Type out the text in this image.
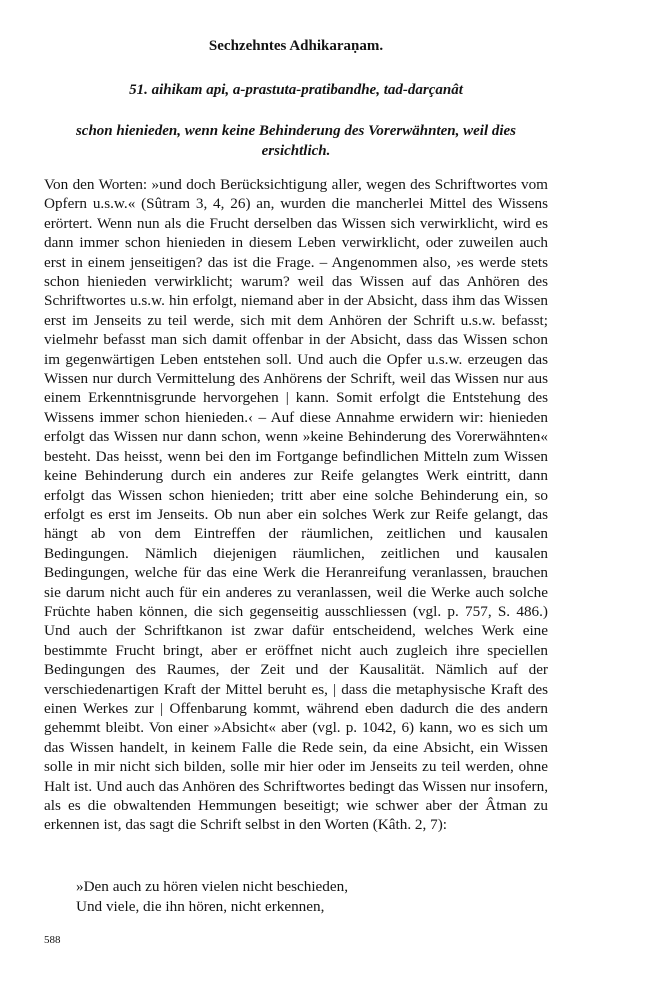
Sechzehntes Adhikaraṇam.
51. aihikam api, a-prastuta-pratibandhe, tad-darçanât
schon hienieden, wenn keine Behinderung des Vorerwähnten, weil dies ersichtlich.

Von den Worten: »und doch Berücksichtigung aller, wegen des Schriftwortes vom Opfern u.s.w.« (Sûtram 3, 4, 26) an, wurden die mancherlei Mittel des Wissens erörtert. Wenn nun als die Frucht derselben das Wissen sich verwirklicht, wird es dann immer schon hienieden in diesem Leben verwirklicht, oder zuweilen auch erst in einem jenseitigen? das ist die Frage. – Angenommen also, ›es werde stets schon hienieden verwirklicht; warum? weil das Wissen auf das Anhören des Schriftwortes u.s.w. hin erfolgt, niemand aber in der Absicht, dass ihm das Wissen erst im Jenseits zu teil werde, sich mit dem Anhören der Schrift u.s.w. befasst; vielmehr befasst man sich damit offenbar in der Absicht, dass das Wissen schon im gegenwärtigen Leben entstehen soll. Und auch die Opfer u.s.w. erzeugen das Wissen nur durch Vermittelung des Anhörens der Schrift, weil das Wissen nur aus einem Erkenntnisgrunde hervorgehen | kann. Somit erfolgt die Entstehung des Wissens immer schon hienieden.‹ – Auf diese Annahme erwidern wir: hienieden erfolgt das Wissen nur dann schon, wenn »keine Behinderung des Vorerwähnten« besteht. Das heisst, wenn bei den im Fortgange befindlichen Mitteln zum Wissen keine Behinderung durch ein anderes zur Reife gelangtes Werk eintritt, dann erfolgt das Wissen schon hienieden; tritt aber eine solche Behinderung ein, so erfolgt es erst im Jenseits. Ob nun aber ein solches Werk zur Reife gelangt, das hängt ab von dem Eintreffen der räumlichen, zeitlichen und kausalen Bedingungen. Nämlich diejenigen räumlichen, zeitlichen und kausalen Bedingungen, welche für das eine Werk die Heranreifung veranlassen, brauchen sie darum nicht auch für ein anderes zu veranlassen, weil die Werke auch solche Früchte haben können, die sich gegenseitig ausschliessen (vgl. p. 757, S. 486.) Und auch der Schriftkanon ist zwar dafür entscheidend, welches Werk eine bestimmte Frucht bringt, aber er eröffnet nicht auch zugleich ihre speciellen Bedingungen des Raumes, der Zeit und der Kausalität. Nämlich auf der verschiedenartigen Kraft der Mittel beruht es, | dass die metaphysische Kraft des einen Werkes zur | Offenbarung kommt, während eben dadurch die des andern gehemmt bleibt. Von einer »Absicht« aber (vgl. p. 1042, 6) kann, wo es sich um das Wissen handelt, in keinem Falle die Rede sein, da eine Absicht, ein Wissen solle in mir nicht sich bilden, solle mir hier oder im Jenseits zu teil werden, ohne Halt ist. Und auch das Anhören des Schriftwortes bedingt das Wissen nur insofern, als es die obwaltenden Hemmungen beseitigt; wie schwer aber der Âtman zu erkennen ist, das sagt die Schrift selbst in den Worten (Kâth. 2, 7):

»Den auch zu hören vielen nicht beschieden,
Und viele, die ihn hören, nicht erkennen,

588
